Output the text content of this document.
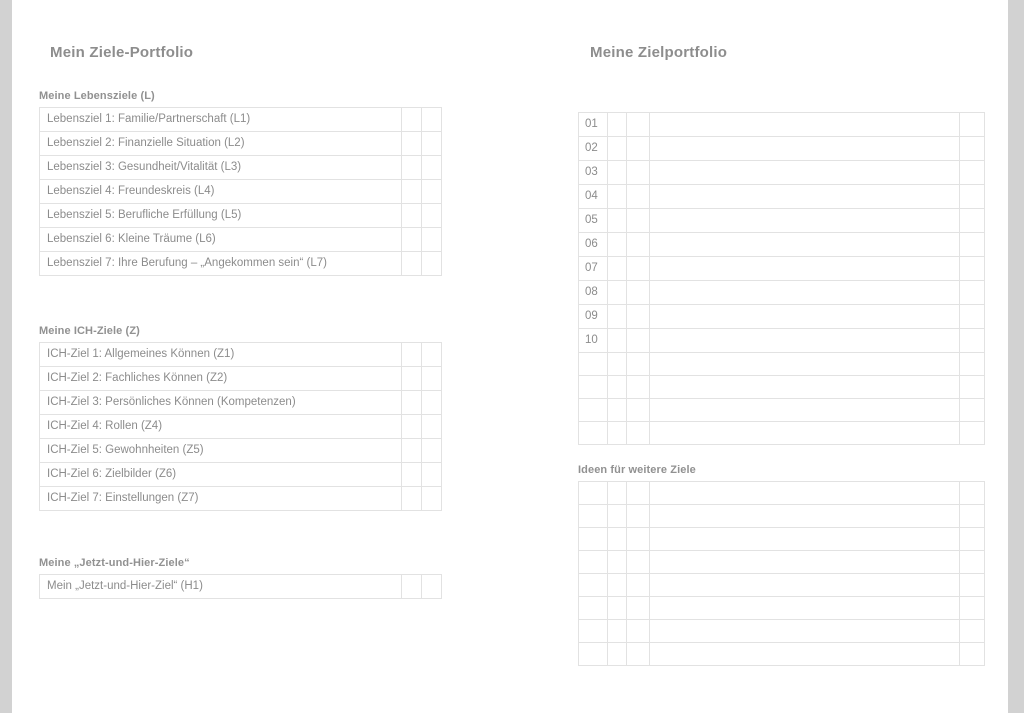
Mein Ziele-Portfolio
Meine Lebensziele (L)
Lebensziel 1: Familie/Partnerschaft (L1)		
Lebensziel 2: Finanzielle Situation (L2)		
Lebensziel 3: Gesundheit/Vitalität (L3)		
Lebensziel 4: Freundeskreis (L4)		
Lebensziel 5: Berufliche Erfüllung (L5)		
Lebensziel 6: Kleine Träume (L6)		
Lebensziel 7: Ihre Berufung – „Angekommen sein“ (L7)		
Meine ICH-Ziele (Z)
ICH-Ziel 1: Allgemeines Können (Z1)		
ICH-Ziel 2: Fachliches Können (Z2)		
ICH-Ziel 3: Persönliches Können (Kompetenzen)		
ICH-Ziel 4: Rollen (Z4)		
ICH-Ziel 5: Gewohnheiten (Z5)		
ICH-Ziel 6: Zielbilder (Z6)		
ICH-Ziel 7: Einstellungen (Z7)		
Meine „Jetzt-und-Hier-Ziele“
Mein „Jetzt-und-Hier-Ziel“ (H1)		
Meine Zielportfolio
01				
02				
03				
04				
05				
06				
07				
08				
09				
10				

Ideen für weitere Ziele
